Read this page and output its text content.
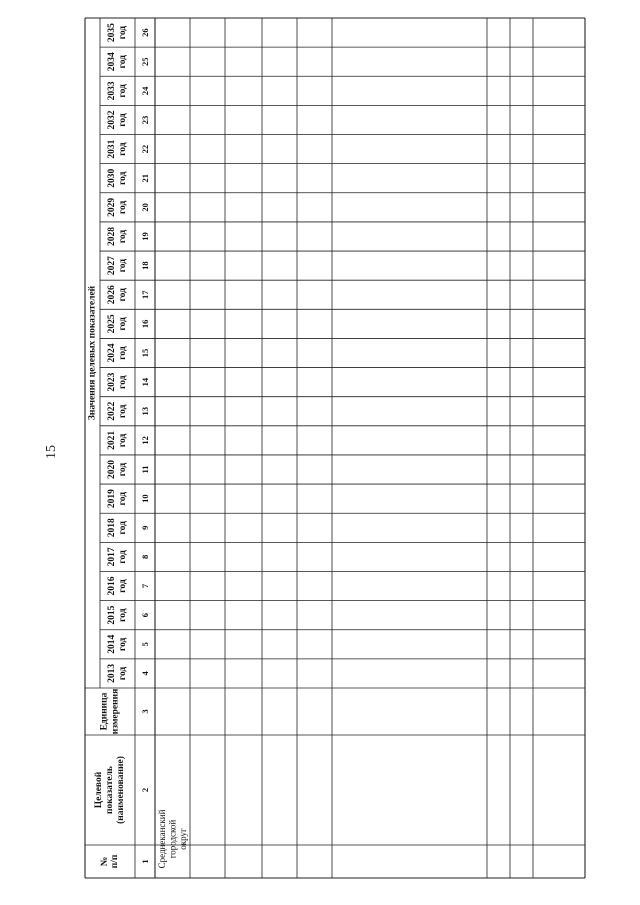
15
№ п/п
Целевой показатель (наименование)
Единица измерения
Значения целевых показателей
2013 год
2014 год
2015 год
2016 год
2017 год
2018 год
2019 год
2020 год
2021 год
2022 год
2023 год
2024 год
2025 год
2026 год
2027 год
2028 год
2029 год
2030 год
2031 год
2032 год
2033 год
2034 год
2035 год
1
2
3
4
5
6
7
8
9
10
11
12
13
14
15
16
17
18
19
20
21
22
23
24
25
26
Среднеканский городской округ
